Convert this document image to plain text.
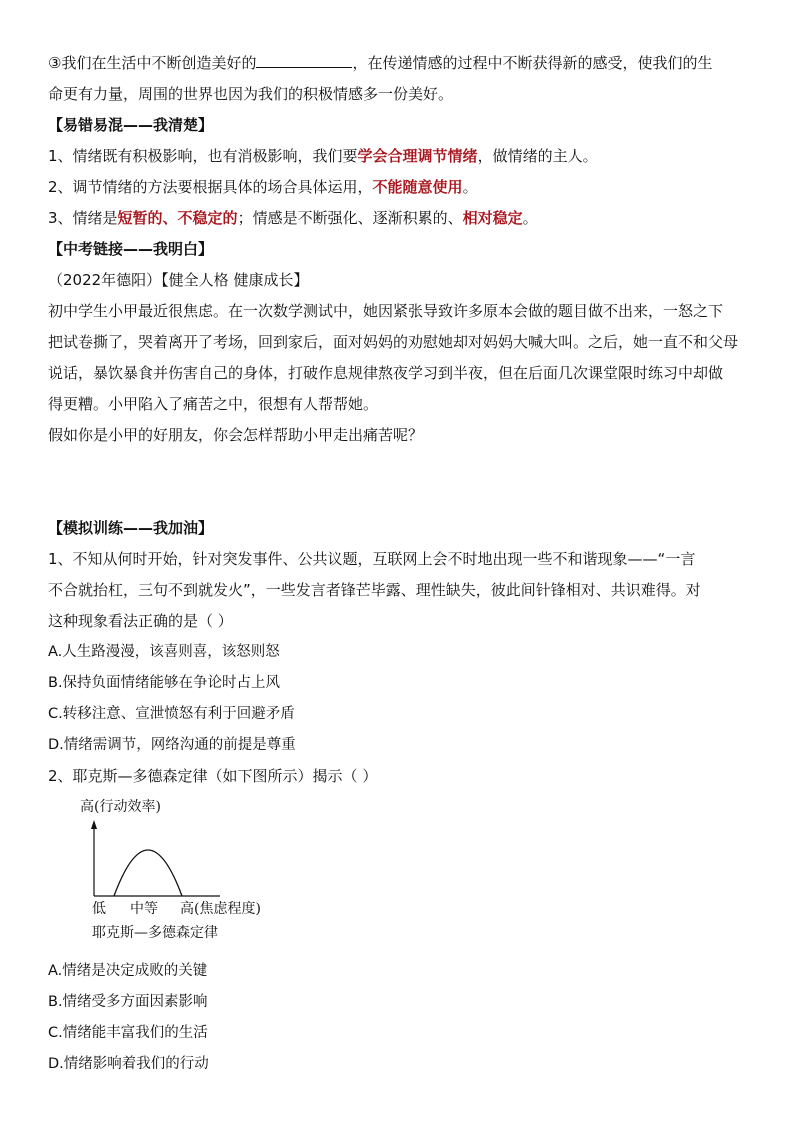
③我们在生活中不断创造美好的	，在传递情感的过程中不断获得新的感受，使我们的生
命更有力量，周围的世界也因为我们的积极情感多一份美好。
【易错易混——我清楚】
1、情绪既有积极影响，也有消极影响，我们要学会合理调节情绪，做情绪的主人。
2、调节情绪的方法要根据具体的场合具体运用，不能随意使用。
3、情绪是短暂的、不稳定的；情感是不断强化、逐渐积累的、相对稳定。
【中考链接——我明白】
（2022年德阳）【健全人格 健康成长】
初中学生小甲最近很焦虑。在一次数学测试中，她因紧张导致许多原本会做的题目做不出来，一怒之下
把试卷撕了，哭着离开了考场，回到家后，面对妈妈的劝慰她却对妈妈大喊大叫。之后，她一直不和父母
说话，暴饮暴食并伤害自己的身体，打破作息规律熬夜学习到半夜，但在后面几次课堂限时练习中却做
得更糟。小甲陷入了痛苦之中，很想有人帮帮她。
假如你是小甲的好朋友，你会怎样帮助小甲走出痛苦呢？
【模拟训练——我加油】
1、不知从何时开始，针对突发事件、公共议题，互联网上会不时地出现一些不和谐现象——“一言
不合就抬杠，三句不到就发火”，一些发言者锋芒毕露、理性缺失，彼此间针锋相对、共识难得。对
这种现象看法正确的是（ ）
A.人生路漫漫，该喜则喜，该怒则怒
B.保持负面情绪能够在争论时占上风
C.转移注意、宣泄愤怒有利于回避矛盾
D.情绪需调节，网络沟通的前提是尊重
2、耶克斯—多德森定律（如下图所示）揭示（ ）
高(行动效率)
低 中等 高(焦虑程度)
耶克斯—多德森定律
A.情绪是决定成败的关键
B.情绪受多方面因素影响
C.情绪能丰富我们的生活
D.情绪影响着我们的行动
